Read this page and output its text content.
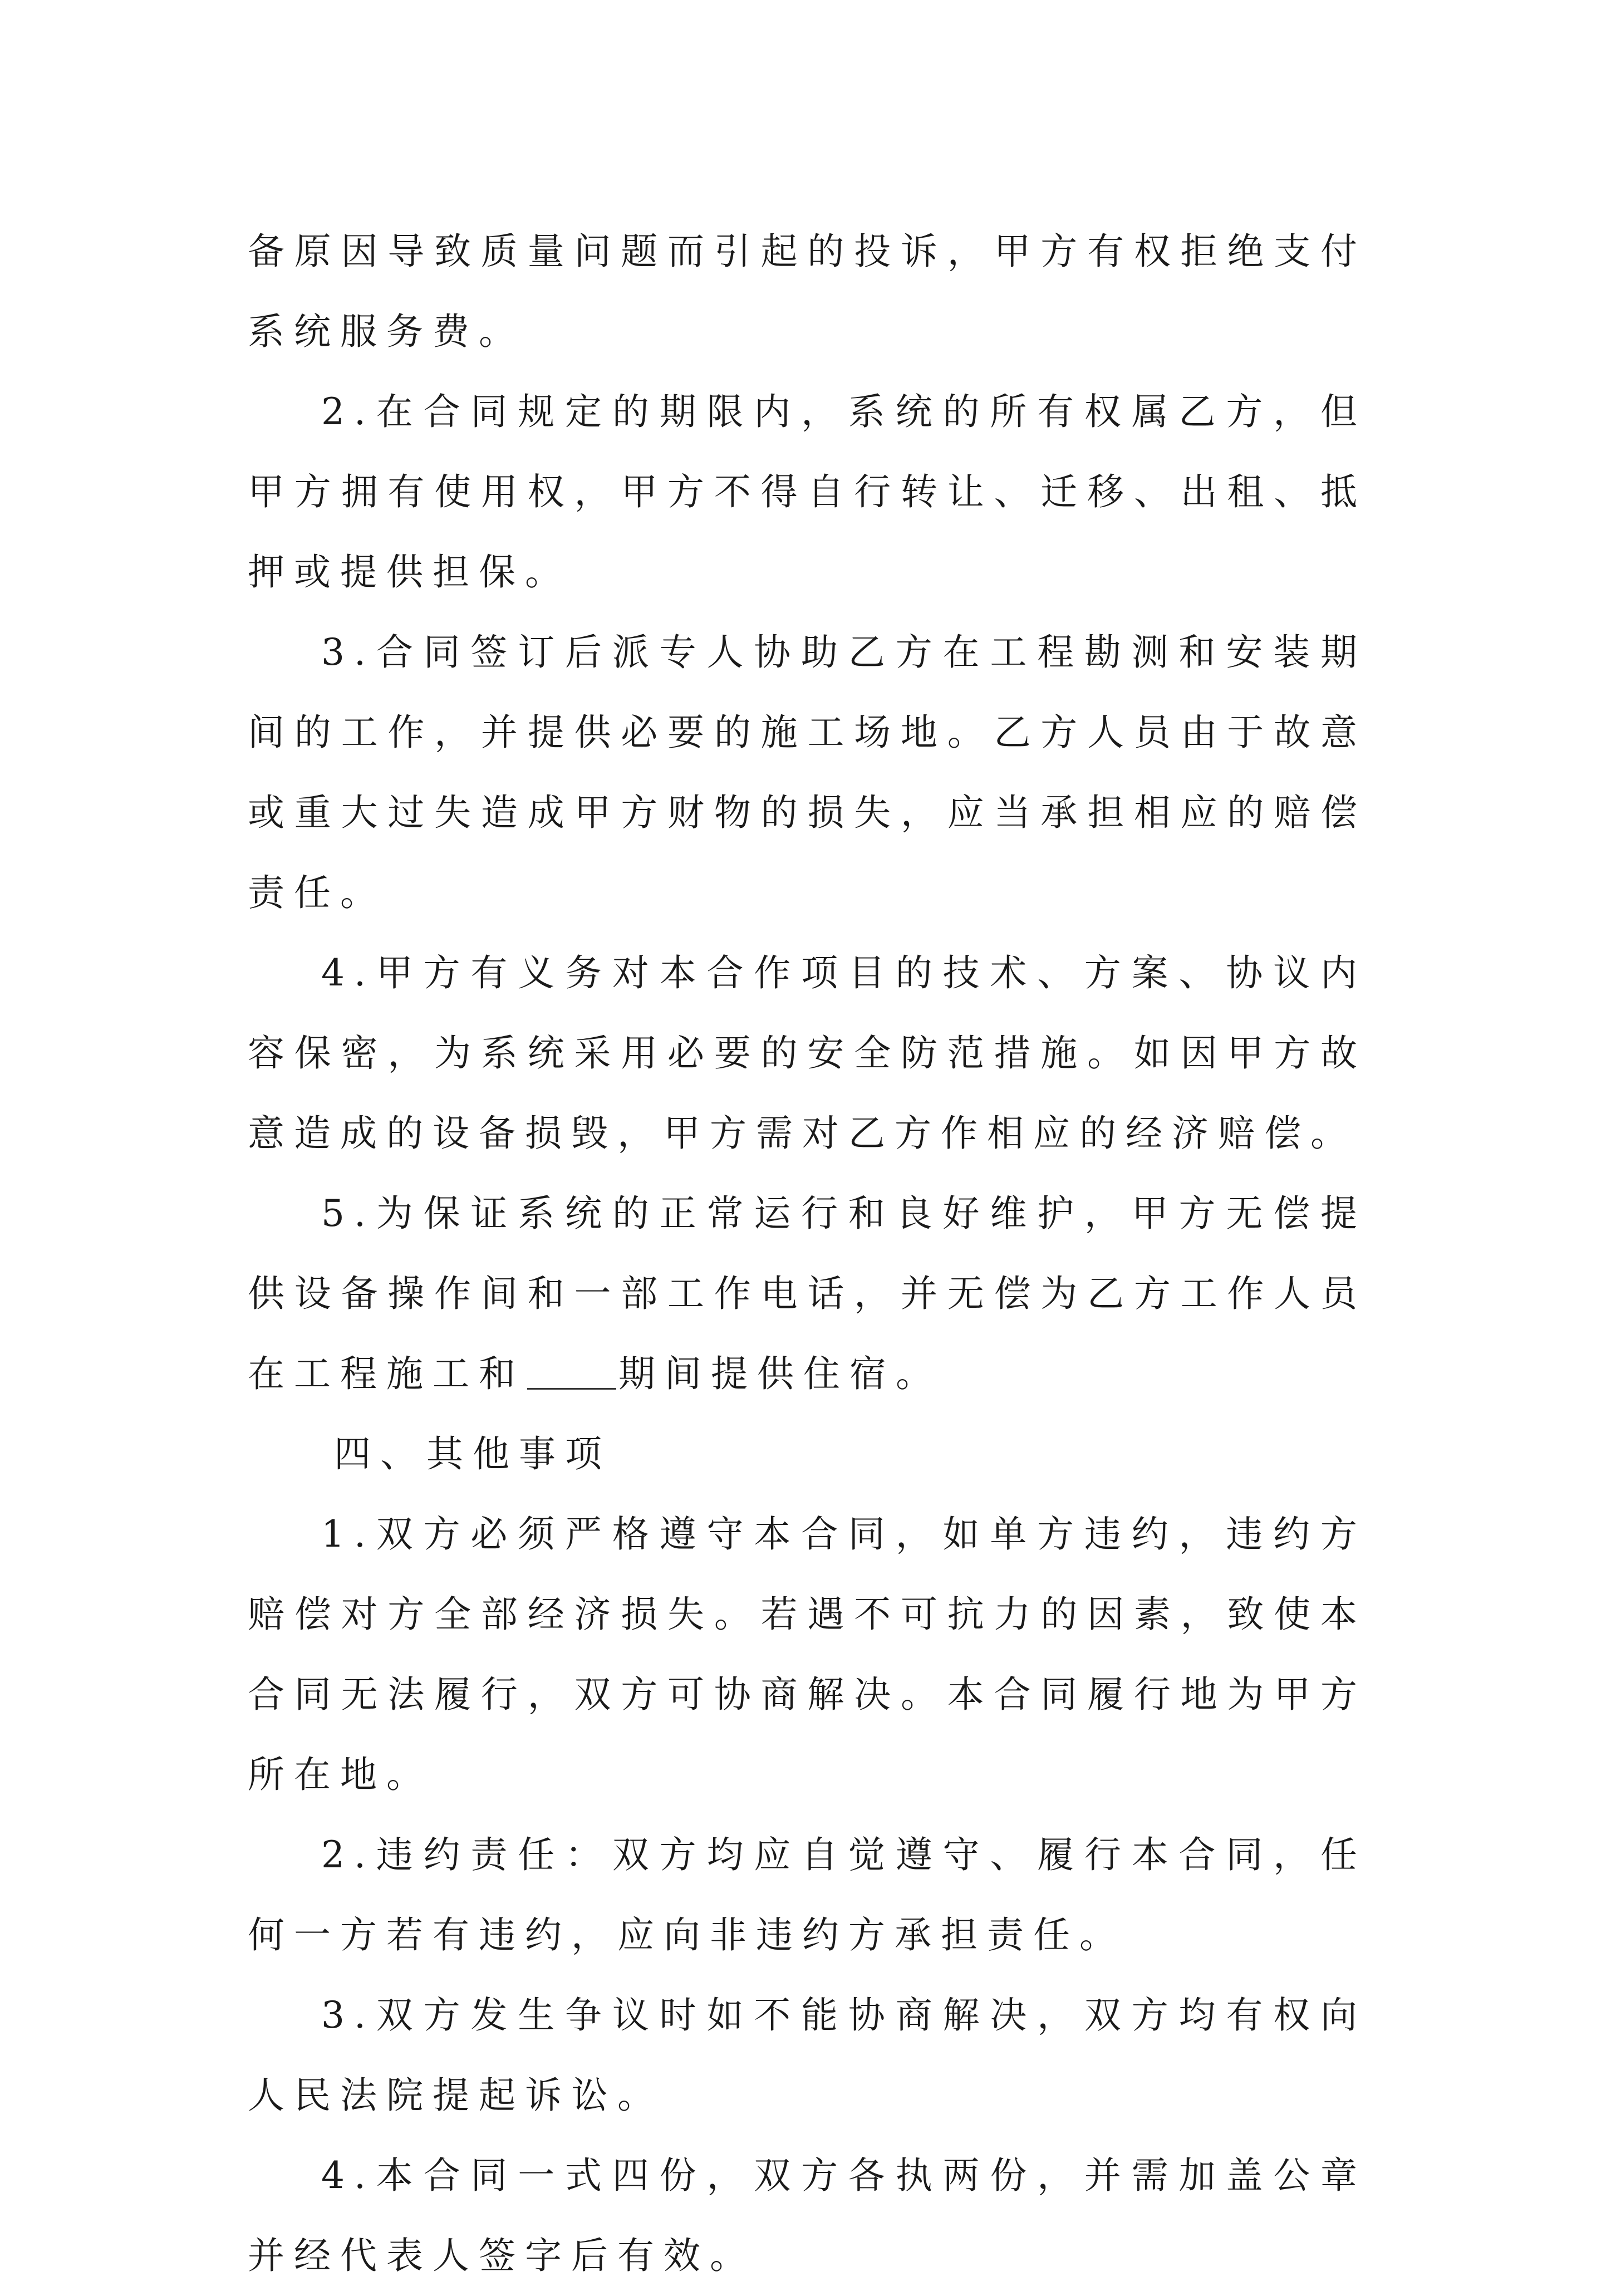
备原因导致质量问题而引起的投诉，甲方有权拒绝支付系统服务费。

2.在合同规定的期限内，系统的所有权属乙方，但甲方拥有使用权，甲方不得自行转让、迁移、出租、抵押或提供担保。

3.合同签订后派专人协助乙方在工程勘测和安装期间的工作，并提供必要的施工场地。乙方人员由于故意或重大过失造成甲方财物的损失，应当承担相应的赔偿责任。

4.甲方有义务对本合作项目的技术、方案、协议内容保密，为系统采用必要的安全防范措施。如因甲方故意造成的设备损毁，甲方需对乙方作相应的经济赔偿。

5.为保证系统的正常运行和良好维护，甲方无偿提供设备操作间和一部工作电话，并无偿为乙方工作人员在工程施工和	期间提供住宿。

四、其他事项

1.双方必须严格遵守本合同，如单方违约，违约方赔偿对方全部经济损失。若遇不可抗力的因素，致使本合同无法履行，双方可协商解决。本合同履行地为甲方所在地。

2.违约责任：双方均应自觉遵守、履行本合同，任何一方若有违约，应向非违约方承担责任。

3.双方发生争议时如不能协商解决，双方均有权向人民法院提起诉讼。

4.本合同一式四份，双方各执两份，并需加盖公章并经代表人签字后有效。
